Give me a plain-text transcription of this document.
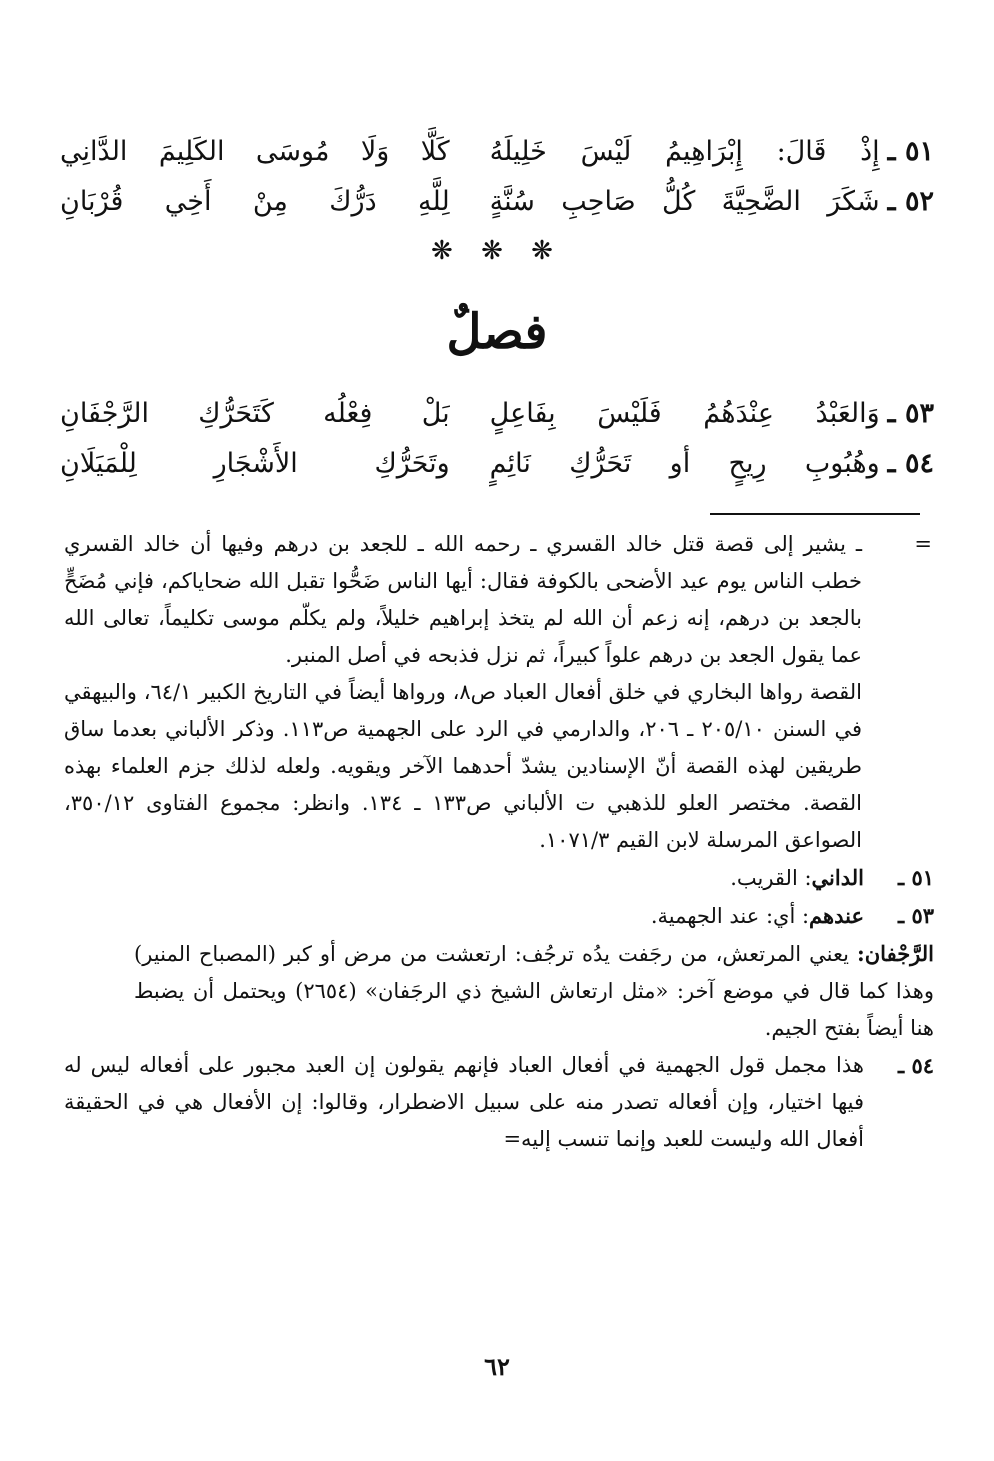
٥١ ـ
إِذْ قَالَ: إِبْرَاهِيمُ لَيْسَ خَلِيلَهُ
كَلَّا وَلَا مُوسَى الكَلِيمَ الدَّانِي
٥٢ ـ
شَكَرَ الضَّحِيَّةَ كُلُّ صَاحِبِ سُنَّةٍ
لِلَّهِ دَرُّكَ مِنْ أَخِي قُرْبَانِ
❋ ❋ ❋
فصلٌ
٥٣ ـ
وَالعَبْدُ عِنْدَهُمُ فَلَيْسَ بِفَاعِلٍ
بَلْ فِعْلُه كَتَحَرُّكِ الرَّجْفَانِ
٥٤ ـ
وهُبُوبِ رِيحٍ أو تَحَرُّكِ نَائِمٍ
وتَحَرُّكِ الأَشْجَارِ لِلْمَيَلَانِ
=

ـ يشير إلى قصة قتل خالد القسري ـ رحمه الله ـ للجعد بن درهم وفيها أن خالد القسري خطب الناس يوم عيد الأضحى بالكوفة فقال: أيها الناس ضَحُّوا تقبل الله ضحاياكم، فإني مُضَحٍّ بالجعد بن درهم، إنه زعم أن الله لم يتخذ إبراهيم خليلاً، ولم يكلّم موسى تكليماً، تعالى الله عما يقول الجعد بن درهم علواً كبيراً، ثم نزل فذبحه في أصل المنبر.

القصة رواها البخاري في خلق أفعال العباد ص٨، ورواها أيضاً في التاريخ الكبير ٦٤/١، والبيهقي في السنن ٢٠٥/١٠ ـ ٢٠٦، والدارمي في الرد على الجهمية ص١١٣. وذكر الألباني بعدما ساق طريقين لهذه القصة أنّ الإسنادين يشدّ أحدهما الآخر ويقويه. ولعله لذلك جزم العلماء بهذه القصة. مختصر العلو للذهبي ت الألباني ص١٣٣ ـ ١٣٤. وانظر: مجموع الفتاوى ٣٥٠/١٢، الصواعق المرسلة لابن القيم ١٠٧١/٣.

٥١ ـ

الداني: القريب.

٥٣ ـ

عندهم: أي: عند الجهمية.

الرَّجْفان: يعني المرتعش، من رجَفت يدُه ترجُف: ارتعشت من مرض أو كبر (المصباح المنير) وهذا كما قال في موضع آخر: «مثل ارتعاش الشيخ ذي الرجَفان» (٢٦٥٤) ويحتمل أن يضبط هنا أيضاً بفتح الجيم.

٥٤ ـ

هذا مجمل قول الجهمية في أفعال العباد فإنهم يقولون إن العبد مجبور على أفعاله ليس له فيها اختيار، وإن أفعاله تصدر منه على سبيل الاضطرار، وقالوا: إن الأفعال هي في الحقيقة أفعال الله وليست للعبد وإنما تنسب إليه=

٦٢
